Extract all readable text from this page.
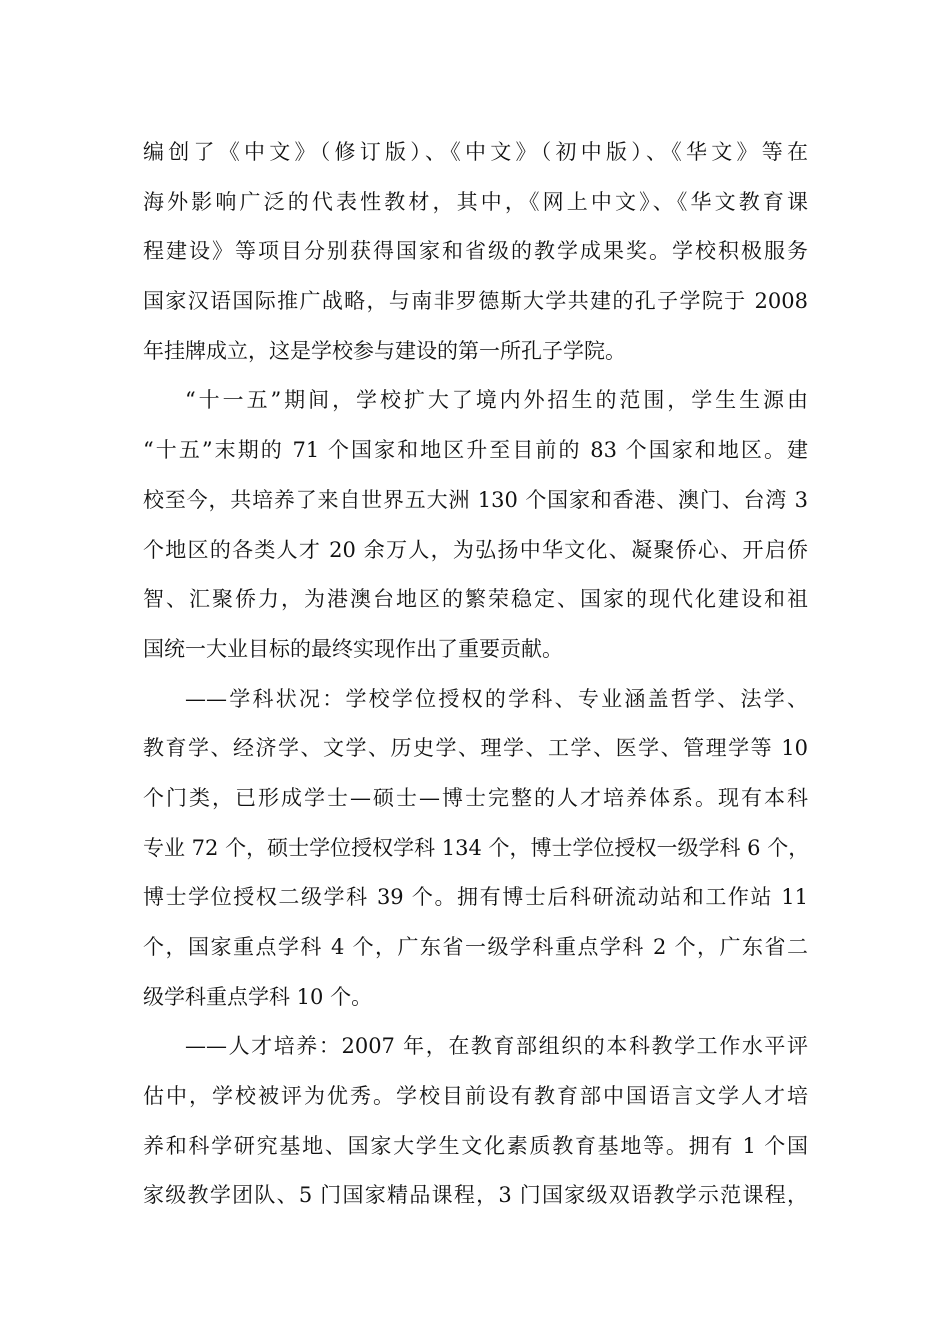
编创了《中文》（修订版）、《中文》（初中版）、《华文》等在
海外影响广泛的代表性教材，其中，《网上中文》、《华文教育课
程建设》等项目分别获得国家和省级的教学成果奖。学校积极服务
国家汉语国际推广战略，与南非罗德斯大学共建的孔子学院于 2008
年挂牌成立，这是学校参与建设的第一所孔子学院。
“十一五”期间，学校扩大了境内外招生的范围，学生生源由
“十五”末期的 71 个国家和地区升至目前的 83 个国家和地区。建
校至今，共培养了来自世界五大洲 130 个国家和香港、澳门、台湾 3
个地区的各类人才 20 余万人，为弘扬中华文化、凝聚侨心、开启侨
智、汇聚侨力，为港澳台地区的繁荣稳定、国家的现代化建设和祖
国统一大业目标的最终实现作出了重要贡献。
——学科状况：学校学位授权的学科、专业涵盖哲学、法学、
教育学、经济学、文学、历史学、理学、工学、医学、管理学等 10
个门类，已形成学士—硕士—博士完整的人才培养体系。现有本科
专业 72 个，硕士学位授权学科 134 个，博士学位授权一级学科 6 个，
博士学位授权二级学科 39 个。拥有博士后科研流动站和工作站 11
个，国家重点学科 4 个，广东省一级学科重点学科 2 个，广东省二
级学科重点学科 10 个。
——人才培养：2007 年，在教育部组织的本科教学工作水平评
估中，学校被评为优秀。学校目前设有教育部中国语言文学人才培
养和科学研究基地、国家大学生文化素质教育基地等。拥有 1 个国
家级教学团队、5 门国家精品课程，3 门国家级双语教学示范课程，
